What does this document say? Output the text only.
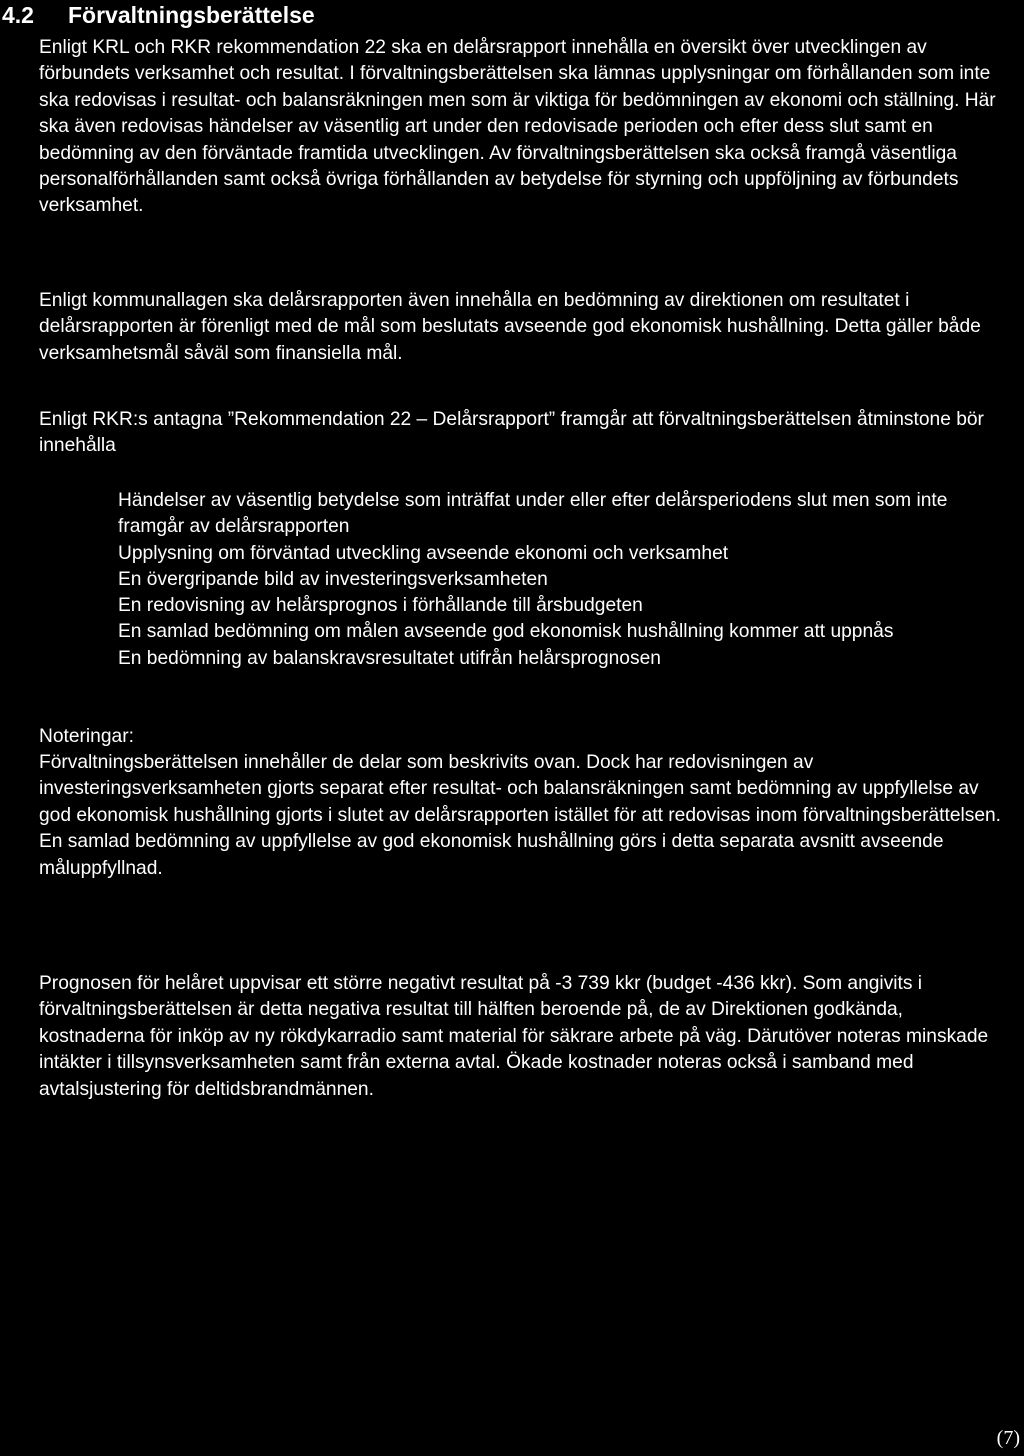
4.2 Förvaltningsberättelse

Enligt KRL och RKR rekommendation 22 ska en delårsrapport innehålla en översikt över utvecklingen av förbundets verksamhet och resultat. I förvaltningsberättelsen ska lämnas upplysningar om förhållanden som inte ska redovisas i resultat- och balansräkningen men som är viktiga för bedömningen av ekonomi och ställning. Här ska även redovisas händelser av väsentlig art under den redovisade perioden och efter dess slut samt en bedömning av den förväntade framtida utvecklingen. Av förvaltningsberättelsen ska också framgå väsentliga personalförhållanden samt också övriga förhållanden av betydelse för styrning och uppföljning av förbundets verksamhet.

Enligt kommunallagen ska delårsrapporten även innehålla en bedömning av direktionen om resultatet i delårsrapporten är förenligt med de mål som beslutats avseende god ekonomisk hushållning. Detta gäller både verksamhetsmål såväl som finansiella mål.

Enligt RKR:s antagna ”Rekommendation 22 – Delårsrapport” framgår att förvaltningsberättelsen åtminstone bör innehålla

Händelser av väsentlig betydelse som inträffat under eller efter delårsperiodens slut men som inte framgår av delårsrapporten
Upplysning om förväntad utveckling avseende ekonomi och verksamhet
En övergripande bild av investeringsverksamheten
En redovisning av helårsprognos i förhållande till årsbudgeten
En samlad bedömning om målen avseende god ekonomisk hushållning kommer att uppnås
En bedömning av balanskravsresultatet utifrån helårsprognosen

Noteringar:

Förvaltningsberättelsen innehåller de delar som beskrivits ovan. Dock har redovisningen av investeringsverksamheten gjorts separat efter resultat- och balansräkningen samt bedömning av uppfyllelse av god ekonomisk hushållning gjorts i slutet av delårsrapporten istället för att redovisas inom förvaltningsberättelsen. En samlad bedömning av uppfyllelse av god ekonomisk hushållning görs i detta separata avsnitt avseende måluppfyllnad.

Prognosen för helåret uppvisar ett större negativt resultat på -3 739 kkr (budget -436 kkr). Som angivits i förvaltningsberättelsen är detta negativa resultat till hälften beroende på, de av Direktionen godkända, kostnaderna för inköp av ny rökdykarradio samt material för säkrare arbete på väg. Därutöver noteras minskade intäkter i tillsynsverksamheten samt från externa avtal. Ökade kostnader noteras också i samband med avtalsjustering för deltidsbrandmännen.

(7)
